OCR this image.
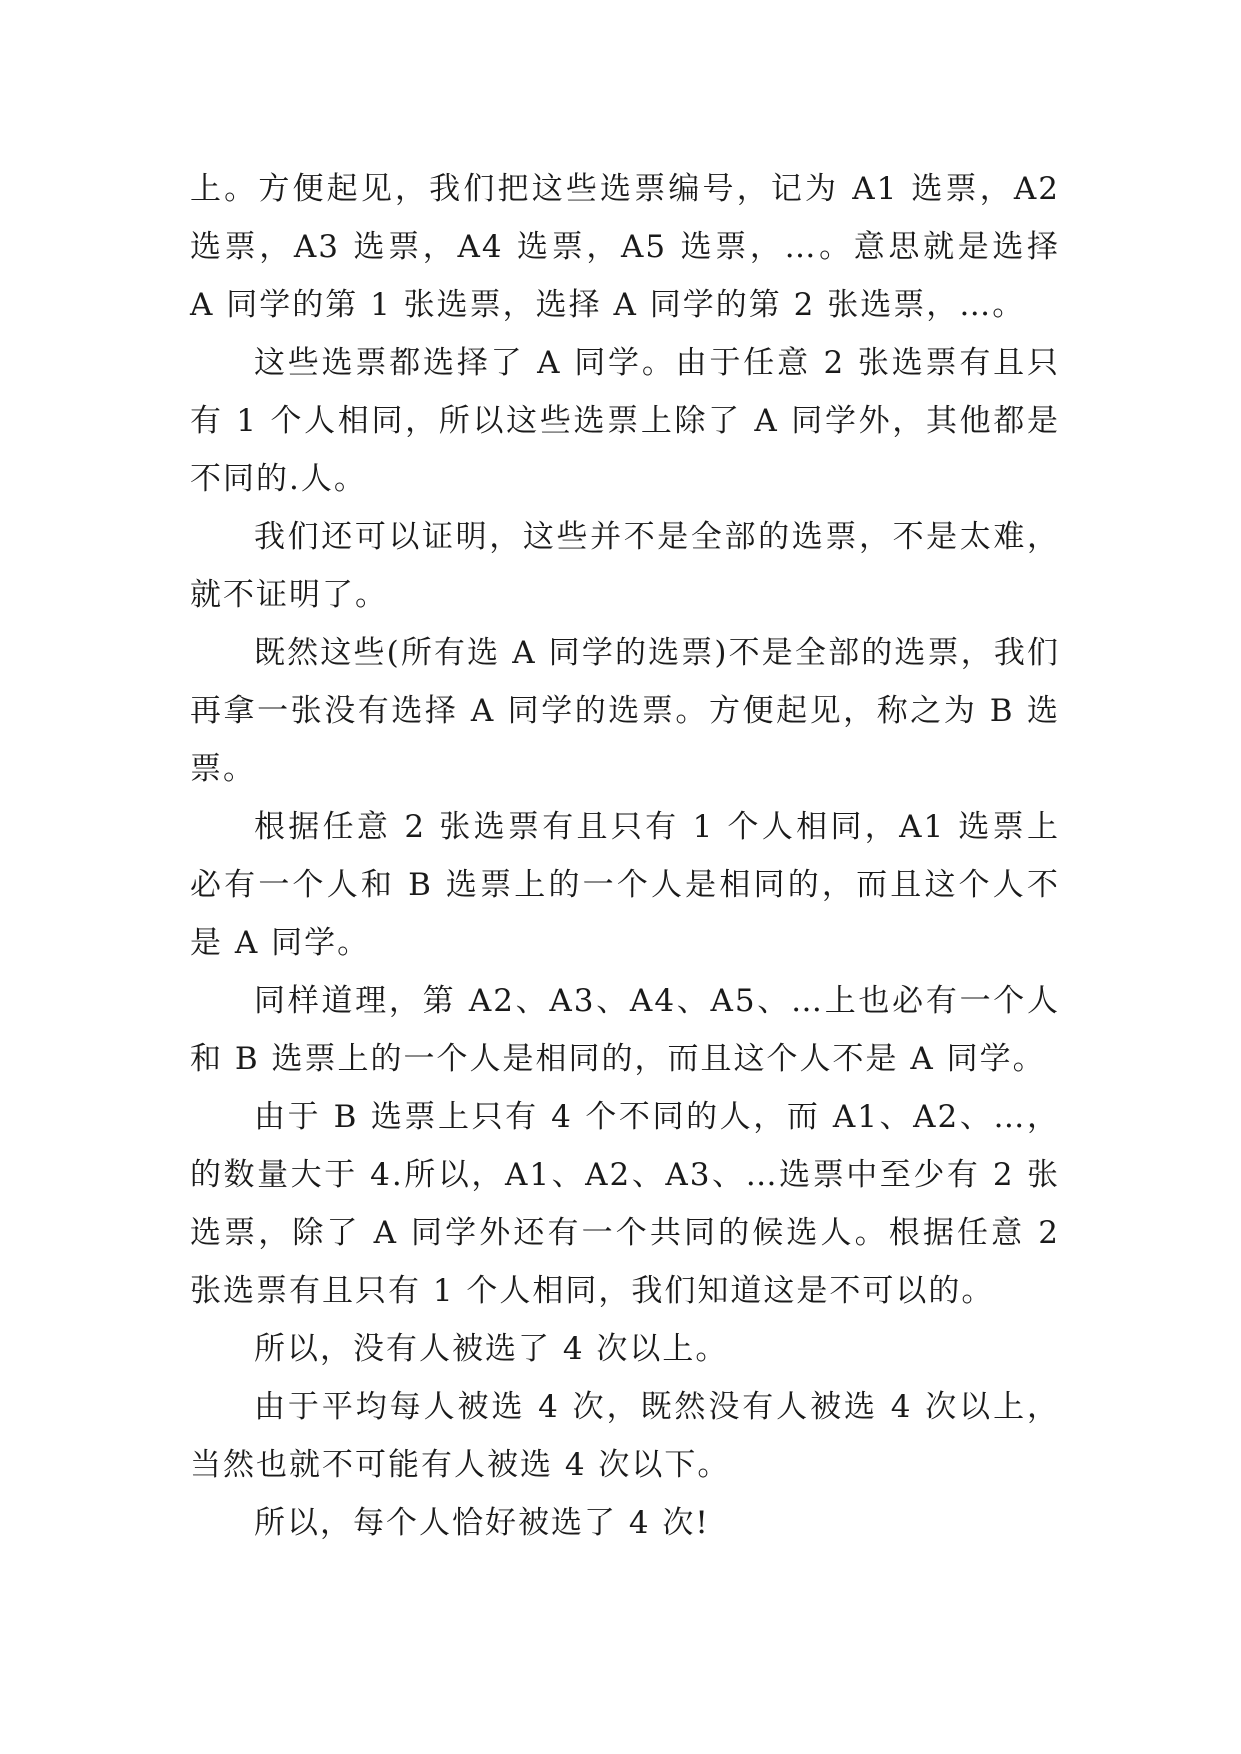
上。方便起见，我们把这些选票编号，记为 A1 选票，A2 选票，A3 选票，A4 选票，A5 选票，…。意思就是选择 A 同学的第 1 张选票，选择 A 同学的第 2 张选票，…。

这些选票都选择了 A 同学。由于任意 2 张选票有且只有 1 个人相同，所以这些选票上除了 A 同学外，其他都是不同的.人。

我们还可以证明，这些并不是全部的选票，不是太难，就不证明了。

既然这些(所有选 A 同学的选票)不是全部的选票，我们再拿一张没有选择 A 同学的选票。方便起见，称之为 B 选票。

根据任意 2 张选票有且只有 1 个人相同，A1 选票上必有一个人和 B 选票上的一个人是相同的，而且这个人不是 A 同学。

同样道理，第 A2、A3、A4、A5、…上也必有一个人和 B 选票上的一个人是相同的，而且这个人不是 A 同学。

由于 B 选票上只有 4 个不同的人，而 A1、A2、…，的数量大于 4.所以，A1、A2、A3、…选票中至少有 2 张选票，除了 A 同学外还有一个共同的候选人。根据任意 2 张选票有且只有 1 个人相同，我们知道这是不可以的。

所以，没有人被选了 4 次以上。

由于平均每人被选 4 次，既然没有人被选 4 次以上，当然也就不可能有人被选 4 次以下。

所以，每个人恰好被选了 4 次!
